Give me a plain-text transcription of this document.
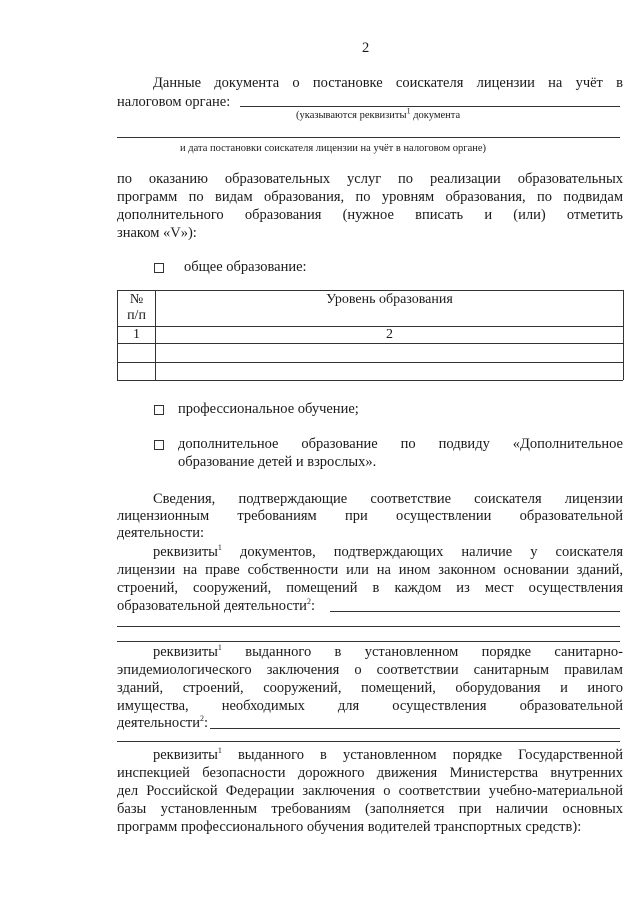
2
Данные документа о постановке соискателя лицензии на учёт в
налоговом органе:
(указываются реквизиты$^1$ документа
и дата постановки соискателя лицензии на учёт в налоговом органе)
по оказанию образовательных услуг по реализации образовательных
программ по видам образования, по уровням образования, по подвидам
дополнительного образования (нужное вписать и (или) отметить
знаком «V»):
общее образование:
№
п/п
Уровень образования
1	2
профессиональное обучение;
дополнительное образование по подвиду «Дополнительное
образование детей и взрослых».
Сведения, подтверждающие соответствие соискателя лицензии
лицензионным требованиям при осуществлении образовательной
деятельности:
реквизиты$^1$ документов, подтверждающих наличие у соискателя
лицензии на праве собственности или на ином законном основании зданий,
строений, сооружений, помещений в каждом из мест осуществления
образовательной деятельности$^2$:
реквизиты$^1$ выданного в установленном порядке санитарно-
эпидемиологического заключения о соответствии санитарным правилам
зданий, строений, сооружений, помещений, оборудования и иного
имущества, необходимых для осуществления образовательной
деятельности$^2$:
реквизиты$^1$ выданного в установленном порядке Государственной
инспекцией безопасности дорожного движения Министерства внутренних
дел Российской Федерации заключения о соответствии учебно-материальной
базы установленным требованиям (заполняется при наличии основных
программ профессионального обучения водителей транспортных средств):
